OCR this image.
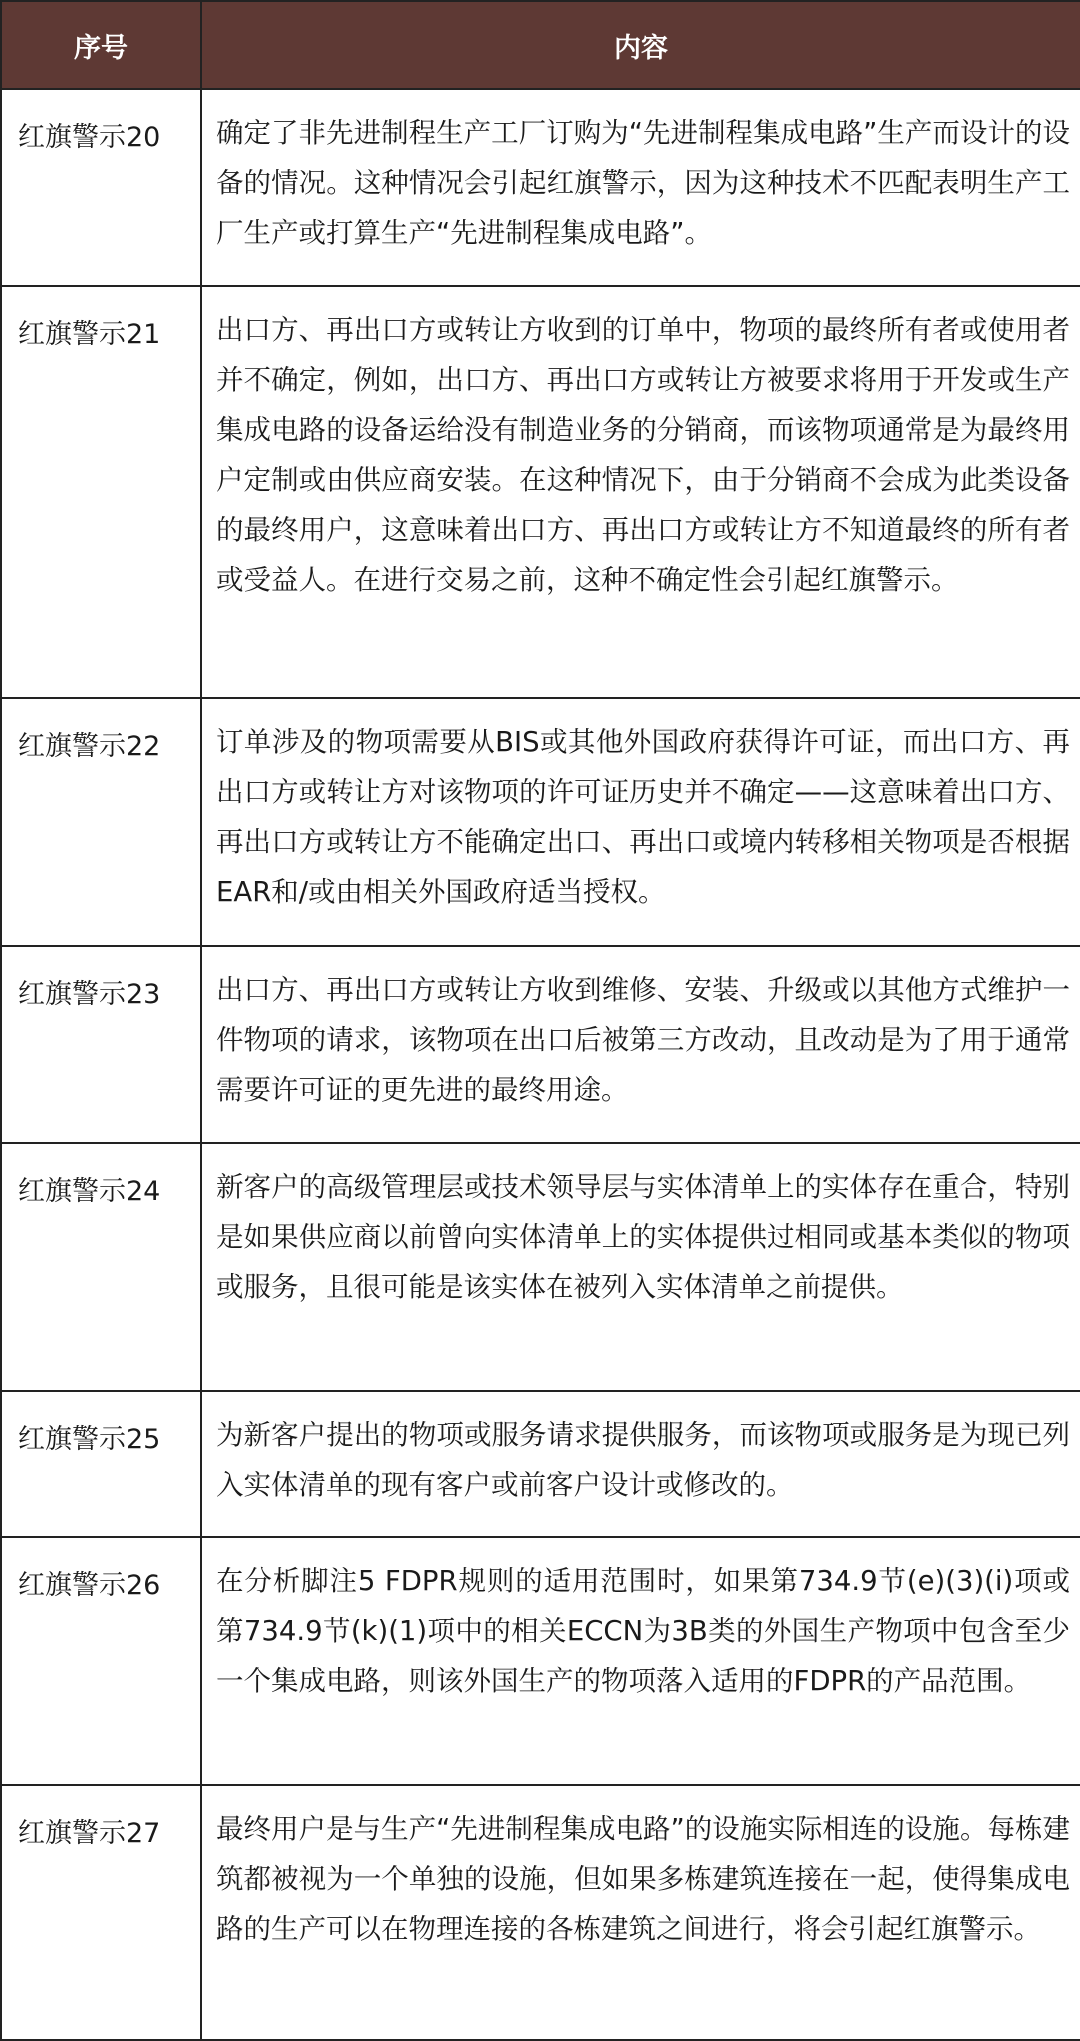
序号	内容
红旗警示20	确定了非先进制程生产工厂订购为“先进制程集成电路”生产而设计的设备的情况。这种情况会引起红旗警示，因为这种技术不匹配表明生产工厂生产或打算生产“先进制程集成电路”。
红旗警示21	出口方、再出口方或转让方收到的订单中，物项的最终所有者或使用者并不确定，例如，出口方、再出口方或转让方被要求将用于开发或生产集成电路的设备运给没有制造业务的分销商，而该物项通常是为最终用户定制或由供应商安装。在这种情况下，由于分销商不会成为此类设备的最终用户，这意味着出口方、再出口方或转让方不知道最终的所有者或受益人。在进行交易之前，这种不确定性会引起红旗警示。
红旗警示22	订单涉及的物项需要从BIS或其他外国政府获得许可证，而出口方、再出口方或转让方对该物项的许可证历史并不确定——这意味着出口方、再出口方或转让方不能确定出口、再出口或境内转移相关物项是否根据EAR和/或由相关外国政府适当授权。
红旗警示23	出口方、再出口方或转让方收到维修、安装、升级或以其他方式维护一件物项的请求，该物项在出口后被第三方改动，且改动是为了用于通常需要许可证的更先进的最终用途。
红旗警示24	新客户的高级管理层或技术领导层与实体清单上的实体存在重合，特别是如果供应商以前曾向实体清单上的实体提供过相同或基本类似的物项或服务，且很可能是该实体在被列入实体清单之前提供。
红旗警示25	为新客户提出的物项或服务请求提供服务，而该物项或服务是为现已列入实体清单的现有客户或前客户设计或修改的。
红旗警示26	在分析脚注5 FDPR规则的适用范围时，如果第734.9节(e)(3)(i)项或第734.9节(k)(1)项中的相关ECCN为3B类的外国生产物项中包含至少一个集成电路，则该外国生产的物项落入适用的FDPR的产品范围。
红旗警示27	最终用户是与生产“先进制程集成电路”的设施实际相连的设施。每栋建筑都被视为一个单独的设施，但如果多栋建筑连接在一起，使得集成电路的生产可以在物理连接的各栋建筑之间进行，将会引起红旗警示。
